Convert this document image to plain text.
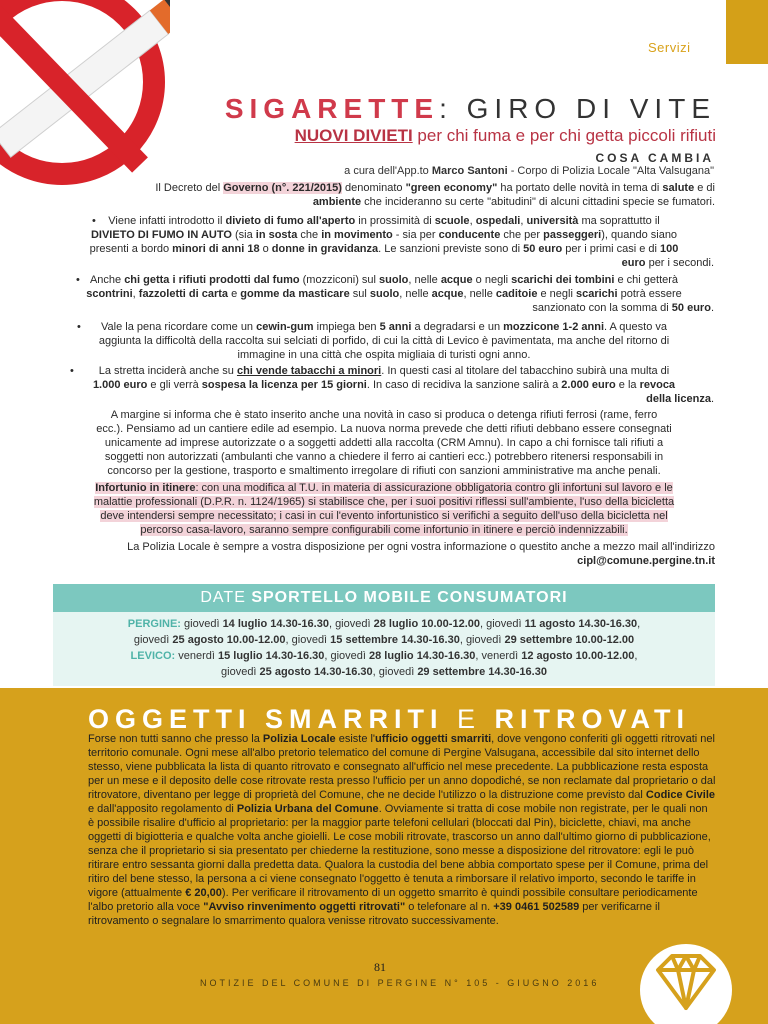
Servizi
SIGARETTE: GIRO DI VITE
NUOVI DIVIETI per chi fuma e per chi getta piccoli rifiuti
COSA CAMBIA
a cura dell'App.to Marco Santoni - Corpo di Polizia Locale "Alta Valsugana"
Il Decreto del Governo (n°. 221/2015) denominato "green economy" ha portato delle novità in tema di salute e di
ambiente che incideranno su certe "abitudini" di alcuni cittadini specie se fumatori.
•	Viene infatti introdotto il divieto di fumo all'aperto in prossimità di scuole, ospedali, università ma soprattutto il
DIVIETO DI FUMO IN AUTO (sia in sosta che in movimento - sia per conducente che per passeggeri), quando siano
presenti a bordo minori di anni 18 o donne in gravidanza. Le sanzioni previste sono di 50 euro per i primi casi e di 100
euro per i secondi.
• Anche chi getta i rifiuti prodotti dal fumo (mozziconi) sul suolo, nelle acque o negli scarichi dei tombini e chi getterà
scontrini, fazzoletti di carta e gomme da masticare sul suolo, nelle acque, nelle caditoie e negli scarichi potrà essere
sanzionato con la somma di 50 euro.
•	Vale la pena ricordare come un cewin-gum impiega ben 5 anni a degradarsi e un mozzicone 1-2 anni. A questo va
aggiunta la difficoltà della raccolta sui selciati di porfido, di cui la città di Levico è pavimentata, ma anche del ritorno di
immagine in una città che ospita migliaia di turisti ogni anno.
•	La stretta inciderà anche su chi vende tabacchi a minori. In questi casi al titolare del tabacchino subirà una multa di
1.000 euro e gli verrà sospesa la licenza per 15 giorni. In caso di recidiva la sanzione salirà a 2.000 euro e la revoca
della licenza.
A margine si informa che è stato inserito anche una novità in caso si produca o detenga rifiuti ferrosi (rame, ferro
ecc.). Pensiamo ad un cantiere edile ad esempio. La nuova norma prevede che detti rifiuti debbano essere consegnati
unicamente ad imprese autorizzate o a soggetti addetti alla raccolta (CRM Amnu). In capo a chi fornisce tali rifiuti a
soggetti non autorizzati (ambulanti che vanno a chiedere il ferro ai cantieri ecc.) potrebbero ritenersi responsabili in
concorso per la gestione, trasporto e smaltimento irregolare di rifiuti con sanzioni amministrative ma anche penali.
Infortunio in itinere: con una modifica al T.U. in materia di assicurazione obbligatoria contro gli infortuni sul lavoro e le
malattie professionali (D.P.R. n. 1124/1965) si stabilisce che, per i suoi positivi riflessi sull'ambiente, l'uso della bicicletta
deve intendersi sempre necessitato; i casi in cui l'evento infortunistico si verifichi a seguito dell'uso della bicicletta nel
percorso casa-lavoro, saranno sempre configurabili come infortunio in itinere e perciò indennizzabili.
La Polizia Locale è sempre a vostra disposizione per ogni vostra informazione o questito anche a mezzo mail all'indirizzo
cipl@comune.pergine.tn.it
DATE SPORTELLO MOBILE CONSUMATORI
PERGINE: giovedì 14 luglio 14.30-16.30, giovedì 28 luglio 10.00-12.00, giovedì 11 agosto 14.30-16.30,
giovedì 25 agosto 10.00-12.00, giovedì 15 settembre 14.30-16.30, giovedì 29 settembre 10.00-12.00
LEVICO: venerdì 15 luglio 14.30-16.30, giovedì 28 luglio 14.30-16.30, venerdì 12 agosto 10.00-12.00,
giovedì 25 agosto 14.30-16.30, giovedì 29 settembre 14.30-16.30
OGGETTI SMARRITI E RITROVATI
Forse non tutti sanno che presso la Polizia Locale esiste l'ufficio oggetti smarriti, dove vengono conferiti gli oggetti ritrovati nel territorio comunale. Ogni mese all'albo pretorio telematico del comune di Pergine Valsugana, accessibile dal sito internet dello stesso, viene pubblicata la lista di quanto ritrovato e consegnato all'ufficio nel mese precedente. La pubblicazione resta esposta per un mese e il deposito delle cose ritrovate resta presso l'ufficio per un anno dopodiché, se non reclamate dal proprietario o dal ritrovatore, diventano per legge di proprietà del Comune, che ne decide l'utilizzo o la distruzione come previsto dal Codice Civile e dall'apposito regolamento di Polizia Urbana del Comune. Ovviamente si tratta di cose mobile non registrate, per le quali non è possibile risalire d'ufficio al proprietario: per la maggior parte telefoni cellulari (bloccati dal Pin), biciclette, chiavi, ma anche oggetti di bigiotteria e qualche volta anche gioielli. Le cose mobili ritrovate, trascorso un anno dall'ultimo giorno di pubblicazione, senza che il proprietario si sia presentato per chiederne la restituzione, sono messe a disposizione del ritrovatore: egli le può ritirare entro sessanta giorni dalla predetta data. Qualora la custodia del bene abbia comportato spese per il Comune, prima del ritiro del bene stesso, la persona a ci viene consegnato l'oggetto è tenuta a rimborsare il relativo importo, secondo le tariffe in vigore (attualmente € 20,00). Per verificare il ritrovamento di un oggetto smarrito è quindi possibile consultare periodicamente l'albo pretorio alla voce "Avviso rinvenimento oggetti ritrovati" o telefonare al n. +39 0461 502589 per verificarne il ritrovamento o segnalare lo smarrimento qualora venisse ritrovato successivamente.
81
NOTIZIE DEL COMUNE DI PERGINE N° 105 - GIUGNO 2016
